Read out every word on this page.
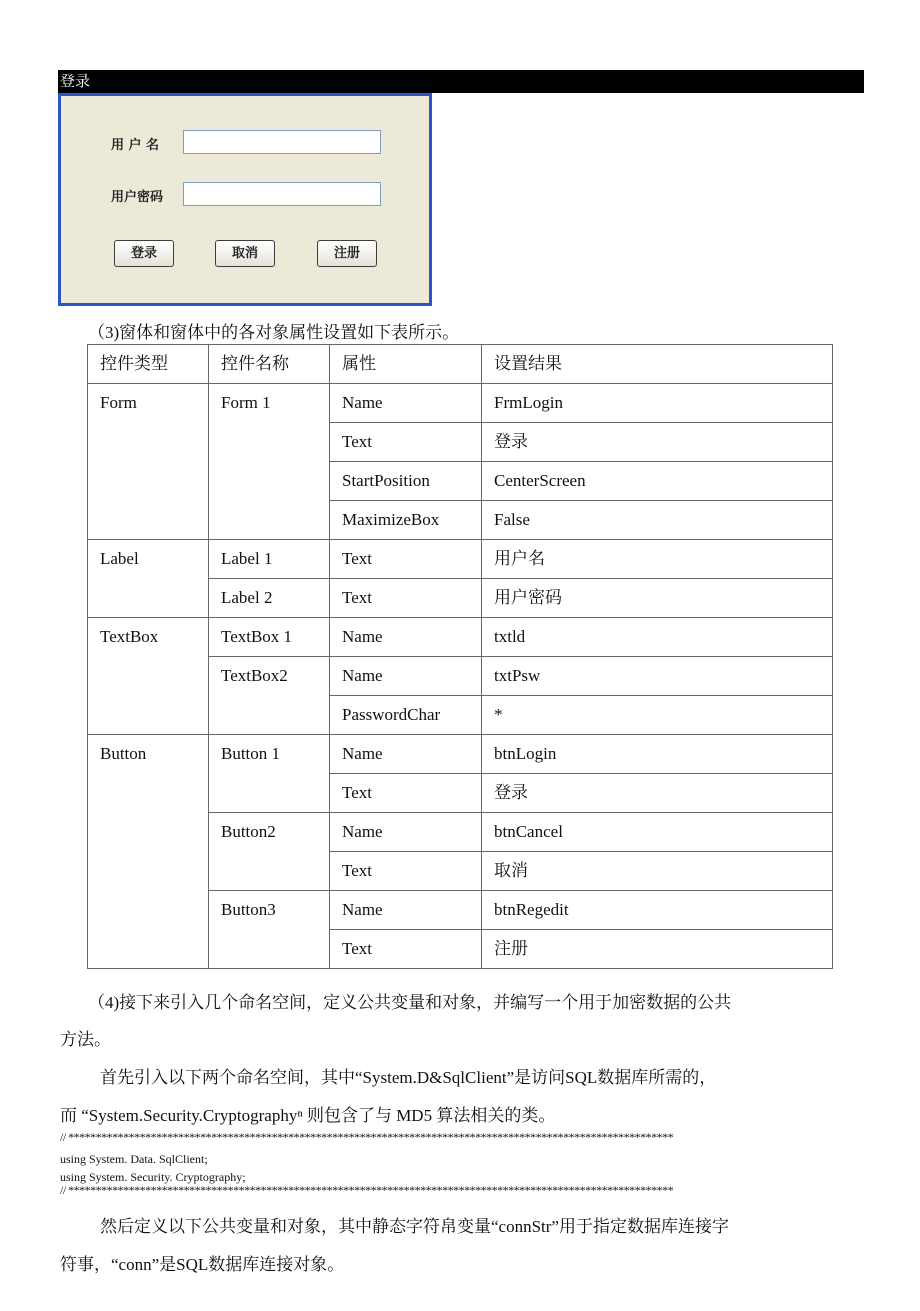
登录
用 户 名
用户密码
登录	取消	注册
（3)窗体和窗体中的各对象属性设置如下表所示。
控件类型	控件名称	属性	设置结果
Form	Form 1	Name	FrmLogin
		Text	登录
		StartPosition	CenterScreen
		MaximizeBox	False
Label	Label 1	Text	用户名
	Label 2	Text	用户密码
TextBox	TextBox 1	Name	txtld
	TextBox2	Name	txtPsw
		PasswordChar	*
Button	Button 1	Name	btnLogin
		Text	登录
	Button2	Name	btnCancel
		Text	取消
	Button3	Name	btnRegedit
		Text	注册
（4)接下来引入几个命名空间，定义公共变量和对象，并编写一个用于加密数据的公共
方法。
首先引入以下两个命名空间，其中“System.D&SqlClient”是访问SQL数据库所需的，
而 “System.Security.Cryptographyⁿ 则包含了与 MD5 算法相关的类。
// **************************************************************************************************************
using System. Data. SqlClient;
using System. Security. Cryptography;
// **************************************************************************************************************
然后定义以下公共变量和对象，其中静态字符帛变量“connStr”用于指定数据库连接字
符事，“conn”是SQL数据库连接对象。
